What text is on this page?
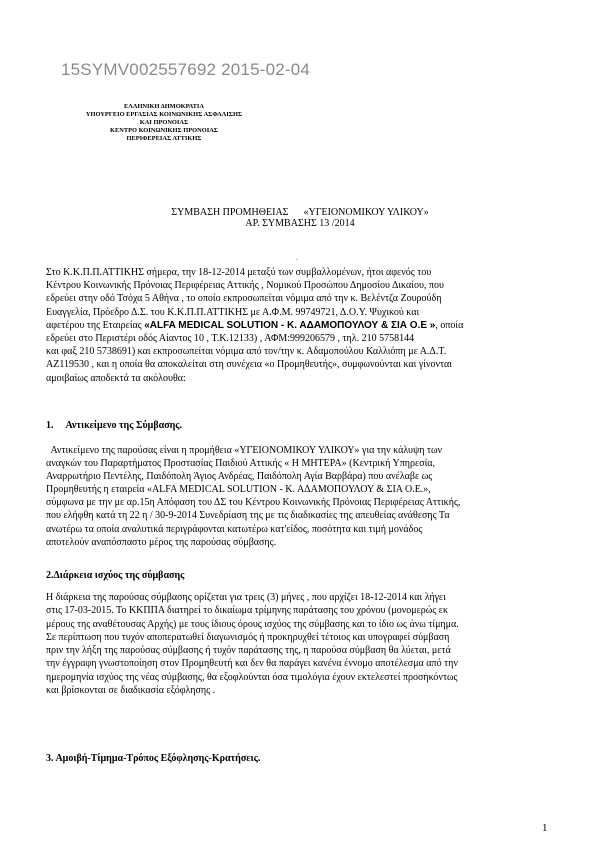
15SYMV002557692 2015-02-04
ΕΛΛΗΝΙΚΗ ΔΗΜΟΚΡΑΤΙΑ
ΥΠΟΥΡΓΕΙΟ ΕΡΓΑΣΙΑΣ ΚΟΙΝΩΝΙΚΗΣ ΑΣΦΑΛΙΣΗΣ
ΚΑΙ ΠΡΟΝΟΙΑΣ
ΚΕΝΤΡΟ ΚΟΙΝΩΝΙΚΗΣ ΠΡΟΝΟΙΑΣ
ΠΕΡΙΦΕΡΕΙΑΣ ΑΤΤΙΚΗΣ
ΣΥΜΒΑΣΗ ΠΡΟΜΗΘΕΙΑΣ      «ΥΓΕΙΟΝΟΜΙΚΟΥ ΥΛΙΚΟΥ»
ΑΡ. ΣΥΜΒΑΣΗΣ 13 /2014
.
Στο Κ.Κ.Π.Π.ΑΤΤΙΚΗΣ σήμερα, την 18-12-2014 μεταξύ των συμβαλλομένων, ήτοι αφενός του
Κέντρου Κοινωνικής Πρόνοιας Περιφέρειας Αττικής , Νομικού Προσώπου Δημοσίου Δικαίου, που
εδρεύει στην οδό Τσόχα 5 Αθήνα , το οποίο εκπροσωπείται νόμιμα από την κ. Βελέντζα Ζουρούδη
Ευαγγελία, Πρόεδρο Δ.Σ. του Κ.Κ.Π.Π.ΑΤΤΙΚΗΣ με Α.Φ.Μ. 99749721, Δ.Ο.Υ. Ψυχικού και
αφετέρου της Εταιρείας «ALFA MEDICAL SOLUTION - Κ. ΑΔΑΜΟΠΟΥΛΟΥ & ΣΙΑ Ο.Ε », οποία
εδρεύει στο Περιστέρι οδός Αίαντος 10 , Τ.Κ.12133) , ΑΦΜ:999206579 , τηλ. 210 5758144
και φαξ 210 5738691) και εκπροσωπείται νόμιμα από τον/την κ. Αδαμοπούλου Καλλιόπη με Α.Δ.Τ.
ΑΖ119530 , και η οποία θα αποκαλείται στη συνέχεια «ο Προμηθευτής», συμφωνούνται και γίνονται
αμοιβαίως αποδεκτά τα ακόλουθα:
1.     Αντικείμενο της Σύμβασης.
Αντικείμενο της παρούσας είναι η προμήθεια «ΥΓΕΙΟΝΟΜΙΚΟΥ ΥΛΙΚΟΥ» για την κάλυψη των
αναγκών του Παραρτήματος Προστασίας Παιδιού Αττικής « Η ΜΗΤΕΡΑ» (Κεντρική Υπηρεσία,
Αναρρωτήριο Πεντέλης, Παιδόπολη Άγιος Ανδρέας, Παιδόπολη Αγία Βαρβάρα) που ανέλαβε ως
Προμηθευτής η εταιρεία «ALFA MEDICAL SOLUTION - Κ. ΑΔΑΜΟΠΟΥΛΟΥ & ΣΙΑ Ο.Ε.»,
σύμφωνα με την με αρ.15η Απόφαση του ΔΣ του Κέντρου Κοινωνικής Πρόνοιας Περιφέρειας Αττικής,
που ελήφθη κατά τη 22 η / 30-9-2014 Συνεδρίαση της με τις διαδικασίες της απευθείας ανάθεσης Τα
ανωτέρω τα οποία αναλυτικά περιγράφονται κατωτέρω κατ'είδος, ποσότητα και τιμή μονάδος
αποτελούν αναπόσπαστο μέρος της παρούσας σύμβασης.
2.Διάρκεια ισχύος της σύμβασης
Η διάρκεια της παρούσας σύμβασης ορίζεται για τρεις (3) μήνες , που αρχίζει 18-12-2014 και λήγει
στις 17-03-2015. Το ΚΚΠΠΑ διατηρεί το δικαίωμα τρίμηνης παράτασης του χρόνου (μονομερώς εκ
μέρους της αναθέτουσας Αρχής) με τους ίδιους όρους ισχύος της σύμβασης και το ίδιο ως άνω τίμημα.
Σε περίπτωση που τυχόν αποπερατωθεί διαγωνισμός ή προκηρυχθεί τέτοιος και υπογραφεί σύμβαση
πριν την λήξη της παρούσας σύμβασης ή τυχόν παράτασης της, η παρούσα σύμβαση θα λύεται, μετά
την έγγραφη γνωστοποίηση στον Προμηθευτή και δεν θα παράγει κανένα έννομο αποτέλεσμα από την
ημερομηνία ισχύος της νέας σύμβασης, θα εξοφλούνται όσα τιμολόγια έχουν εκτελεστεί προσηκόντως
και βρίσκονται σε διαδικασία εξόφλησης .
3. Αμοιβή-Τίμημα-Τρόπος Εξόφλησης-Κρατήσεις.
1
